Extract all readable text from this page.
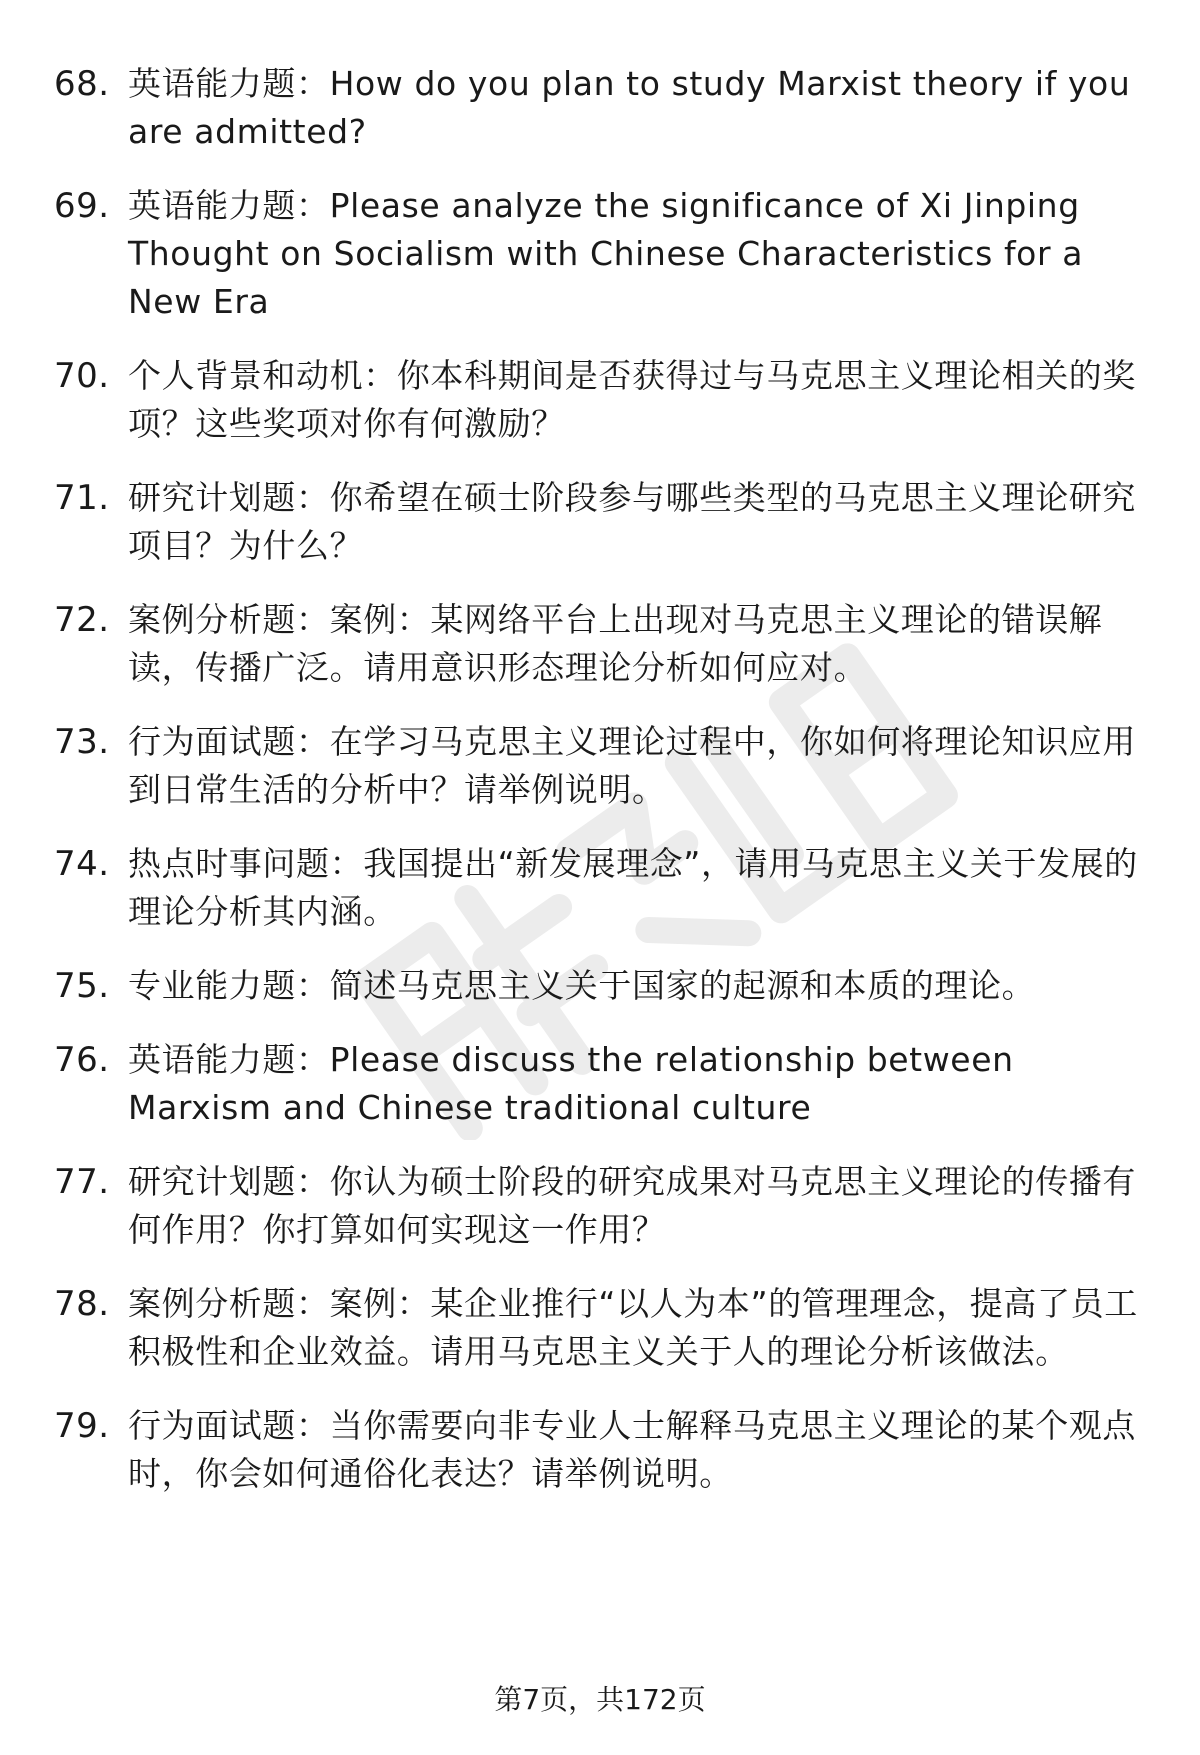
68. 英语能力题：How do you plan to study Marxist theory if you are admitted?
69. 英语能力题：Please analyze the significance of Xi Jinping Thought on Socialism with Chinese Characteristics for a New Era
70. 个人背景和动机：你本科期间是否获得过与马克思主义理论相关的奖项？这些奖项对你有何激励？
71. 研究计划题：你希望在硕士阶段参与哪些类型的马克思主义理论研究项目？为什么？
72. 案例分析题：案例：某网络平台上出现对马克思主义理论的错误解读，传播广泛。请用意识形态理论分析如何应对。
73. 行为面试题：在学习马克思主义理论过程中，你如何将理论知识应用到日常生活的分析中？请举例说明。
74. 热点时事问题：我国提出“新发展理念”，请用马克思主义关于发展的理论分析其内涵。
75. 专业能力题：简述马克思主义关于国家的起源和本质的理论。
76. 英语能力题：Please discuss the relationship between Marxism and Chinese traditional culture
77. 研究计划题：你认为硕士阶段的研究成果对马克思主义理论的传播有何作用？你打算如何实现这一作用？
78. 案例分析题：案例：某企业推行“以人为本”的管理理念，提高了员工积极性和企业效益。请用马克思主义关于人的理论分析该做法。
79. 行为面试题：当你需要向非专业人士解释马克思主义理论的某个观点时，你会如何通俗化表达？请举例说明。
第7页，共172页
